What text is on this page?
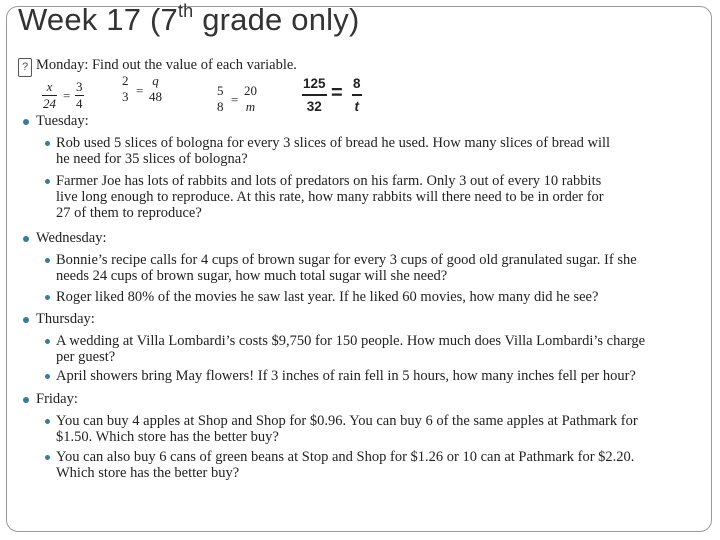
Week 17 (7th grade only)
? Monday: Find out the value of each variable.
x
24
=
3
4
2
3 =
q
48	5
8 =
20
m
125
32
= 8
t
Tuesday:
Rob used 5 slices of bologna for every 3 slices of bread he used. How many slices of bread will
he need for 35 slices of bologna?
Farmer Joe has lots of rabbits and lots of predators on his farm. Only 3 out of every 10 rabbits
live long enough to reproduce. At this rate, how many rabbits will there need to be in order for
27 of them to reproduce?
Wednesday:
Bonnie’s recipe calls for 4 cups of brown sugar for every 3 cups of good old granulated sugar. If she
needs 24 cups of brown sugar, how much total sugar will she need?
Roger liked 80% of the movies he saw last year. If he liked 60 movies, how many did he see?
Thursday:
A wedding at Villa Lombardi’s costs $9,750 for 150 people. How much does Villa Lombardi’s charge
per guest?
April showers bring May flowers! If 3 inches of rain fell in 5 hours, how many inches fell per hour?
Friday:
You can buy 4 apples at Shop and Shop for $0.96. You can buy 6 of the same apples at Pathmark for
$1.50. Which store has the better buy?
You can also buy 6 cans of green beans at Stop and Shop for $1.26 or 10 can at Pathmark for $2.20.
Which store has the better buy?
